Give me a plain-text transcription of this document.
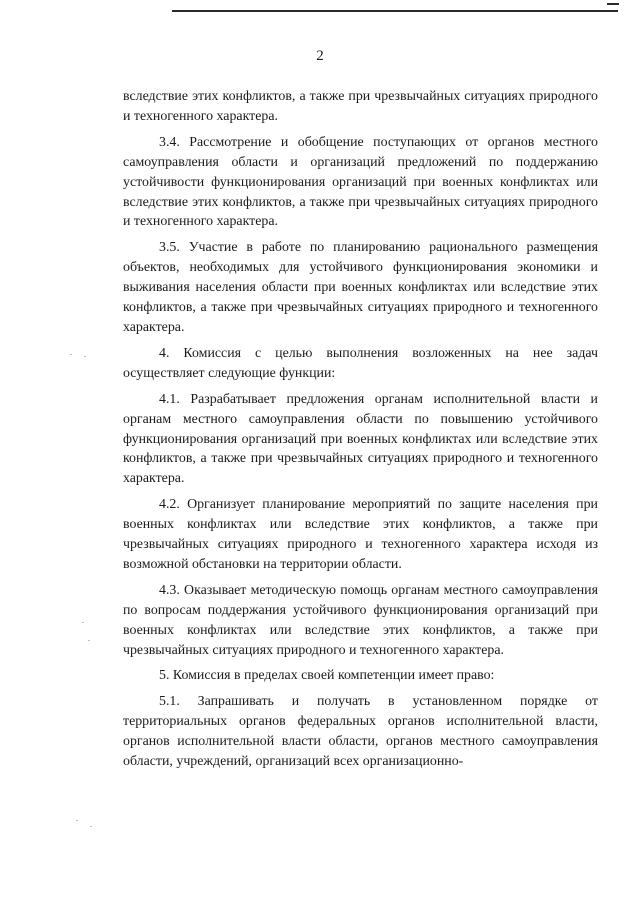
2

вследствие этих конфликтов, а также при чрезвычайных ситуациях природного и техногенного характера.

3.4. Рассмотрение и обобщение поступающих от органов местного самоуправления области и организаций предложений по поддержанию устойчивости функционирования организаций при военных конфликтах или вследствие этих конфликтов, а также при чрезвычайных ситуациях природного и техногенного характера.

3.5. Участие в работе по планированию рационального размещения объектов, необходимых для устойчивого функционирования экономики и выживания населения области при военных конфликтах или вследствие этих конфликтов, а также при чрезвычайных ситуациях природного и техногенного характера.

4. Комиссия с целью выполнения возложенных на нее задач осуществляет следующие функции:

4.1. Разрабатывает предложения органам исполнительной власти и органам местного самоуправления области по повышению устойчивого функционирования организаций при военных конфликтах или вследствие этих конфликтов, а также при чрезвычайных ситуациях природного и техногенного характера.

4.2. Организует планирование мероприятий по защите населения при военных конфликтах или вследствие этих конфликтов, а также при чрезвычайных ситуациях природного и техногенного характера исходя из возможной обстановки на территории области.

4.3. Оказывает методическую помощь органам местного самоуправления по вопросам поддержания устойчивого функционирования организаций при военных конфликтах или вследствие этих конфликтов, а также при чрезвычайных ситуациях природного и техногенного характера.

5. Комиссия в пределах своей компетенции имеет право:

5.1. Запрашивать и получать в установленном порядке от территориальных органов федеральных органов исполнительной власти, органов исполнительной власти области, органов местного самоуправления области, учреждений, организаций всех организационно-
